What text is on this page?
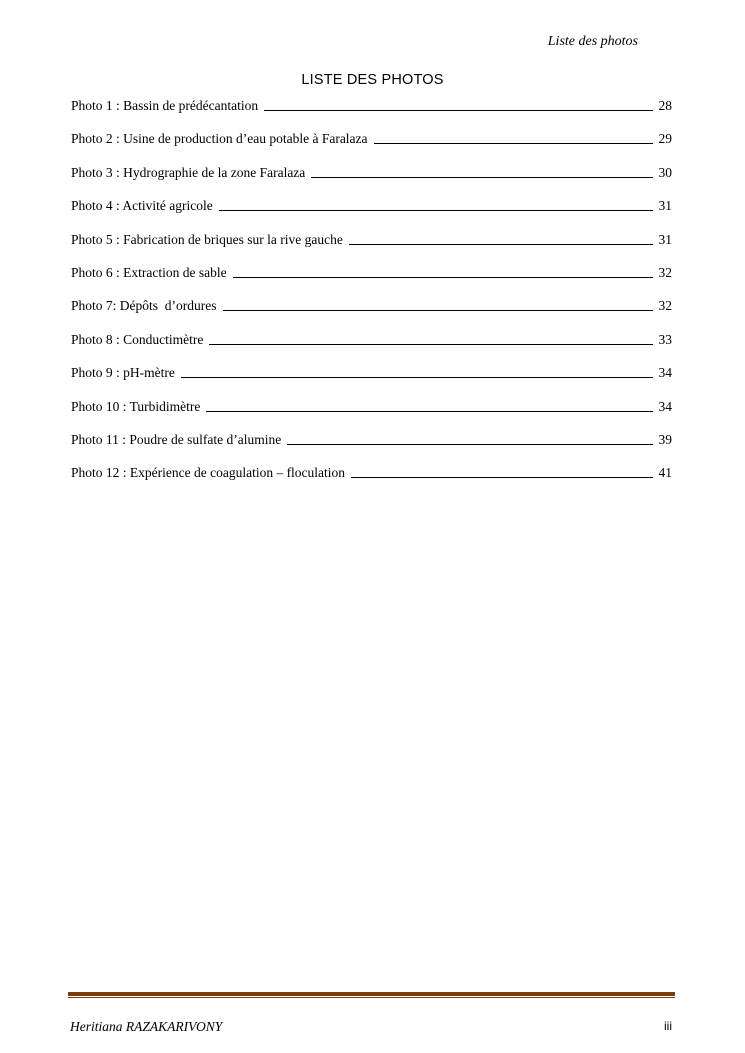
Liste des photos
LISTE DES PHOTOS
Photo 1 : Bassin de prédécantation	28
Photo 2 : Usine de production d’eau potable à Faralaza	29
Photo 3 : Hydrographie de la zone Faralaza	30
Photo 4 : Activité agricole	31
Photo 5 : Fabrication de briques sur la rive gauche	31
Photo 6 : Extraction de sable	32
Photo 7: Dépôts  d’ordures	32
Photo 8 : Conductimètre	33
Photo 9 : pH-mètre	34
Photo 10 : Turbidimètre	34
Photo 11 : Poudre de sulfate d’alumine	39
Photo 12 : Expérience de coagulation – floculation	41
Heritiana RAZAKARIVONY	iii
